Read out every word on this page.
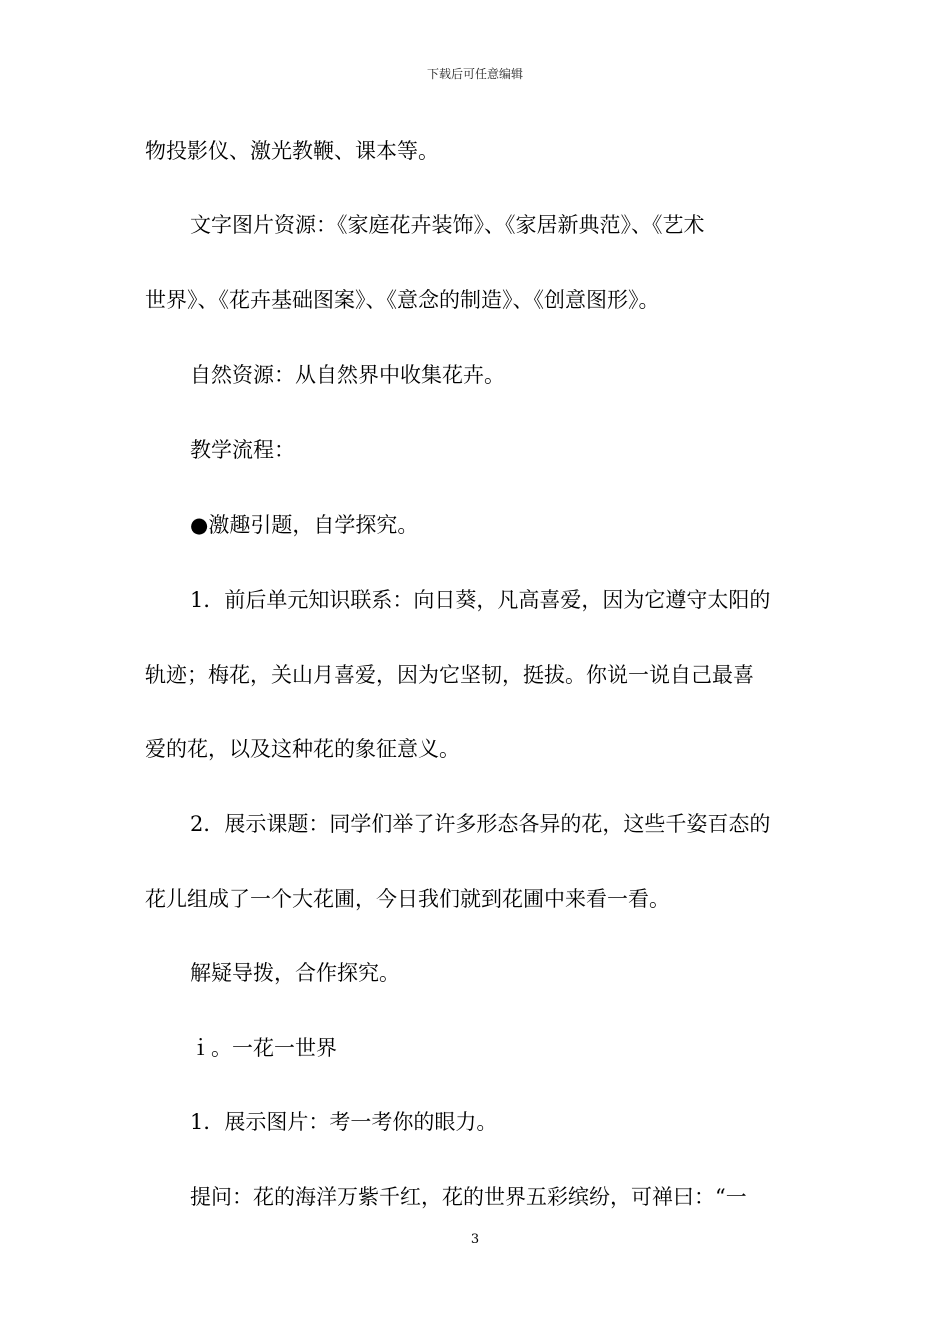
下载后可任意编辑
物投影仪、激光教鞭、课本等。
文字图片资源：《家庭花卉装饰》、《家居新典范》、《艺术
世界》、《花卉基础图案》、《意念的制造》、《创意图形》。
自然资源：从自然界中收集花卉。
教学流程：
●激趣引题，自学探究。
1．前后单元知识联系：向日葵，凡高喜爱，因为它遵守太阳的
轨迹；梅花，关山月喜爱，因为它坚韧，挺拔。你说一说自己最喜
爱的花，以及这种花的象征意义。
2．展示课题：同学们举了许多形态各异的花，这些千姿百态的
花儿组成了一个大花圃，今日我们就到花圃中来看一看。
解疑导拨，合作探究。
ｉ。一花一世界
1．展示图片：考一考你的眼力。
提问：花的海洋万紫千红，花的世界五彩缤纷，可禅曰：“一
3
